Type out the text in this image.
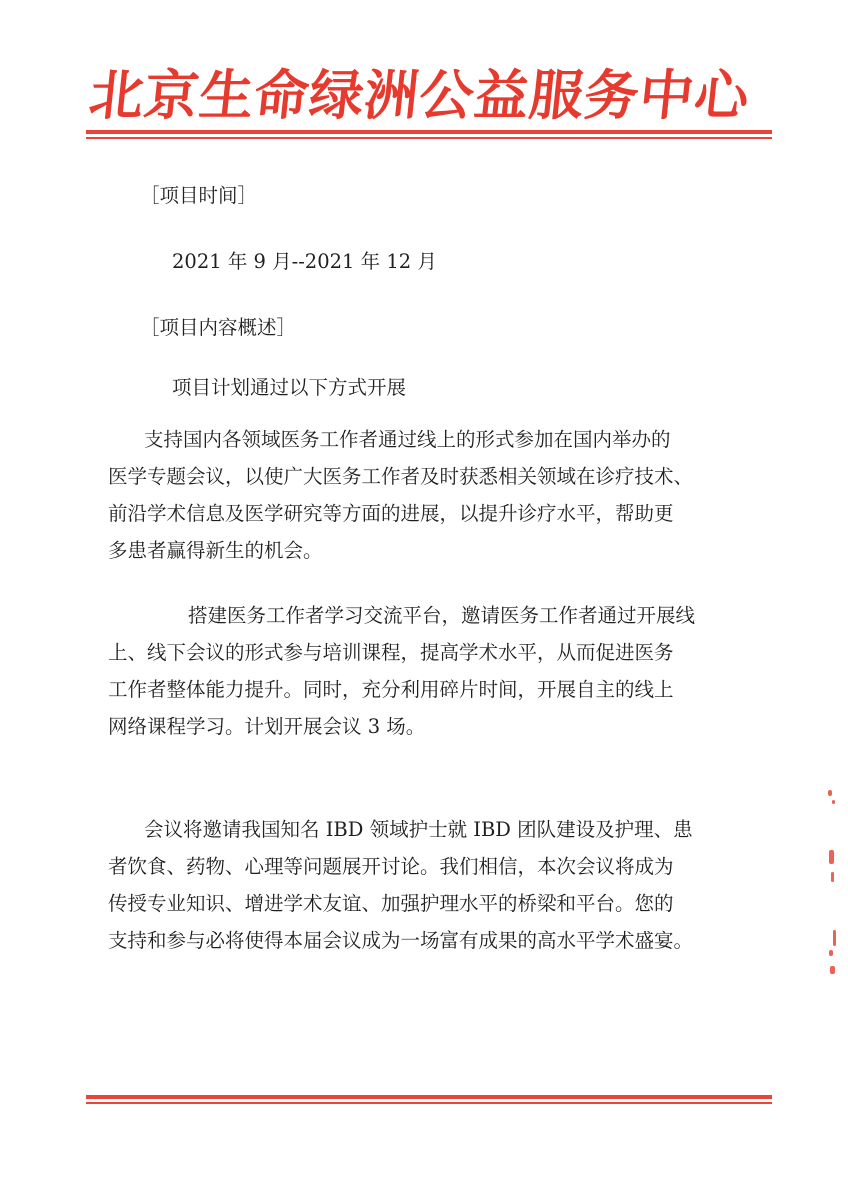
北京生命绿洲公益服务中心
［项目时间］
2021 年 9 月--2021 年 12 月
［项目内容概述］
项目计划通过以下方式开展
支持国内各领域医务工作者通过线上的形式参加在国内举办的
医学专题会议，以使广大医务工作者及时获悉相关领域在诊疗技术、
前沿学术信息及医学研究等方面的进展，以提升诊疗水平，帮助更
多患者赢得新生的机会。
搭建医务工作者学习交流平台，邀请医务工作者通过开展线
上、线下会议的形式参与培训课程，提高学术水平，从而促进医务
工作者整体能力提升。同时，充分利用碎片时间，开展自主的线上
网络课程学习。计划开展会议 3 场。
会议将邀请我国知名 IBD 领域护士就 IBD 团队建设及护理、患
者饮食、药物、心理等问题展开讨论。我们相信，本次会议将成为
传授专业知识、增进学术友谊、加强护理水平的桥梁和平台。您的
支持和参与必将使得本届会议成为一场富有成果的高水平学术盛宴。
